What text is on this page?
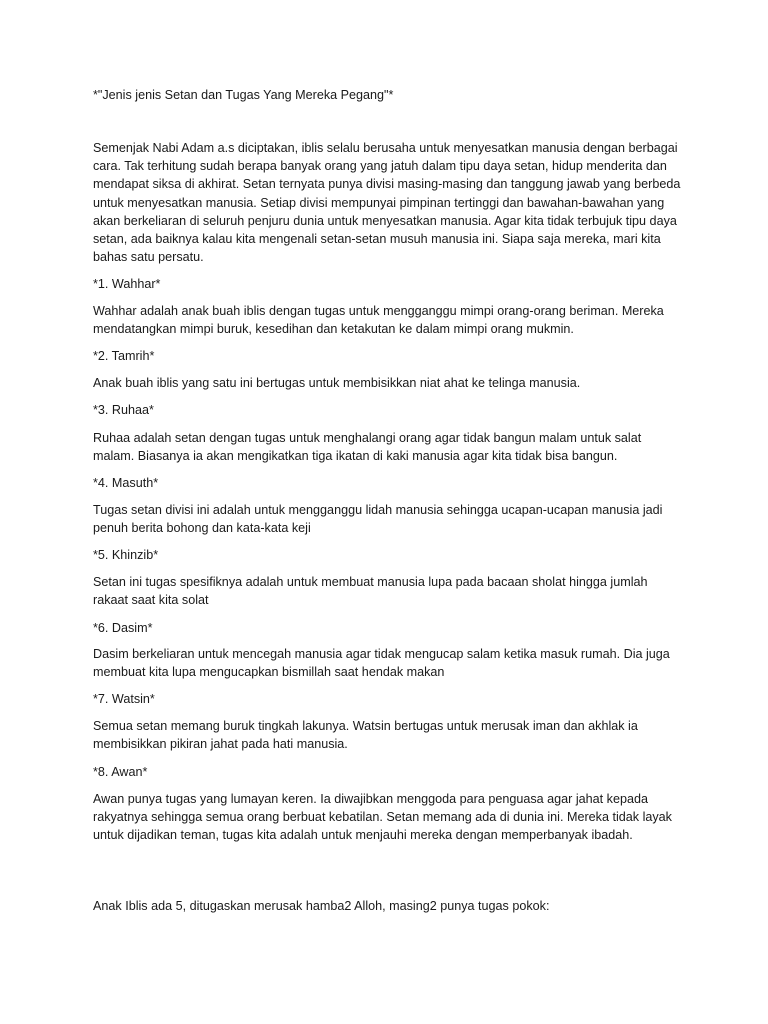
*"Jenis jenis Setan dan Tugas Yang Mereka Pegang"*

Semenjak Nabi Adam a.s diciptakan, iblis selalu berusaha untuk menyesatkan manusia dengan berbagai cara. Tak terhitung sudah berapa banyak orang yang jatuh dalam tipu daya setan, hidup menderita dan mendapat siksa di akhirat. Setan ternyata punya divisi masing-masing dan tanggung jawab yang berbeda untuk menyesatkan manusia. Setiap divisi mempunyai pimpinan tertinggi dan bawahan-bawahan yang akan berkeliaran di seluruh penjuru dunia untuk menyesatkan manusia. Agar kita tidak terbujuk tipu daya setan, ada baiknya kalau kita mengenali setan-setan musuh manusia ini. Siapa saja mereka, mari kita bahas satu persatu.

*1. Wahhar*

Wahhar adalah anak buah iblis dengan tugas untuk mengganggu mimpi orang-orang beriman. Mereka mendatangkan mimpi buruk, kesedihan dan ketakutan ke dalam mimpi orang mukmin.

*2. Tamrih*

Anak buah iblis yang satu ini bertugas untuk membisikkan niat ahat ke telinga manusia.

*3. Ruhaa*

Ruhaa adalah setan dengan tugas untuk menghalangi orang agar tidak bangun malam untuk salat malam. Biasanya ia akan mengikatkan tiga ikatan di kaki manusia agar kita tidak bisa bangun.

*4. Masuth*

Tugas setan divisi ini adalah untuk mengganggu lidah manusia sehingga ucapan-ucapan manusia jadi penuh berita bohong dan kata-kata keji

*5. Khinzib*

Setan ini tugas spesifiknya adalah untuk membuat manusia lupa pada bacaan sholat hingga jumlah rakaat saat kita solat

*6. Dasim*

Dasim berkeliaran untuk mencegah manusia agar tidak mengucap salam ketika masuk rumah. Dia juga membuat kita lupa mengucapkan bismillah saat hendak makan

*7. Watsin*

Semua setan memang buruk tingkah lakunya. Watsin bertugas untuk merusak iman dan akhlak ia membisikkan pikiran jahat pada hati manusia.

*8. Awan*

Awan punya tugas yang lumayan keren. Ia diwajibkan menggoda para penguasa agar jahat kepada rakyatnya sehingga semua orang berbuat kebatilan. Setan memang ada di dunia ini. Mereka tidak layak untuk dijadikan teman, tugas kita adalah untuk menjauhi mereka dengan memperbanyak ibadah.

Anak Iblis ada 5, ditugaskan merusak hamba2 Alloh, masing2 punya tugas pokok:
